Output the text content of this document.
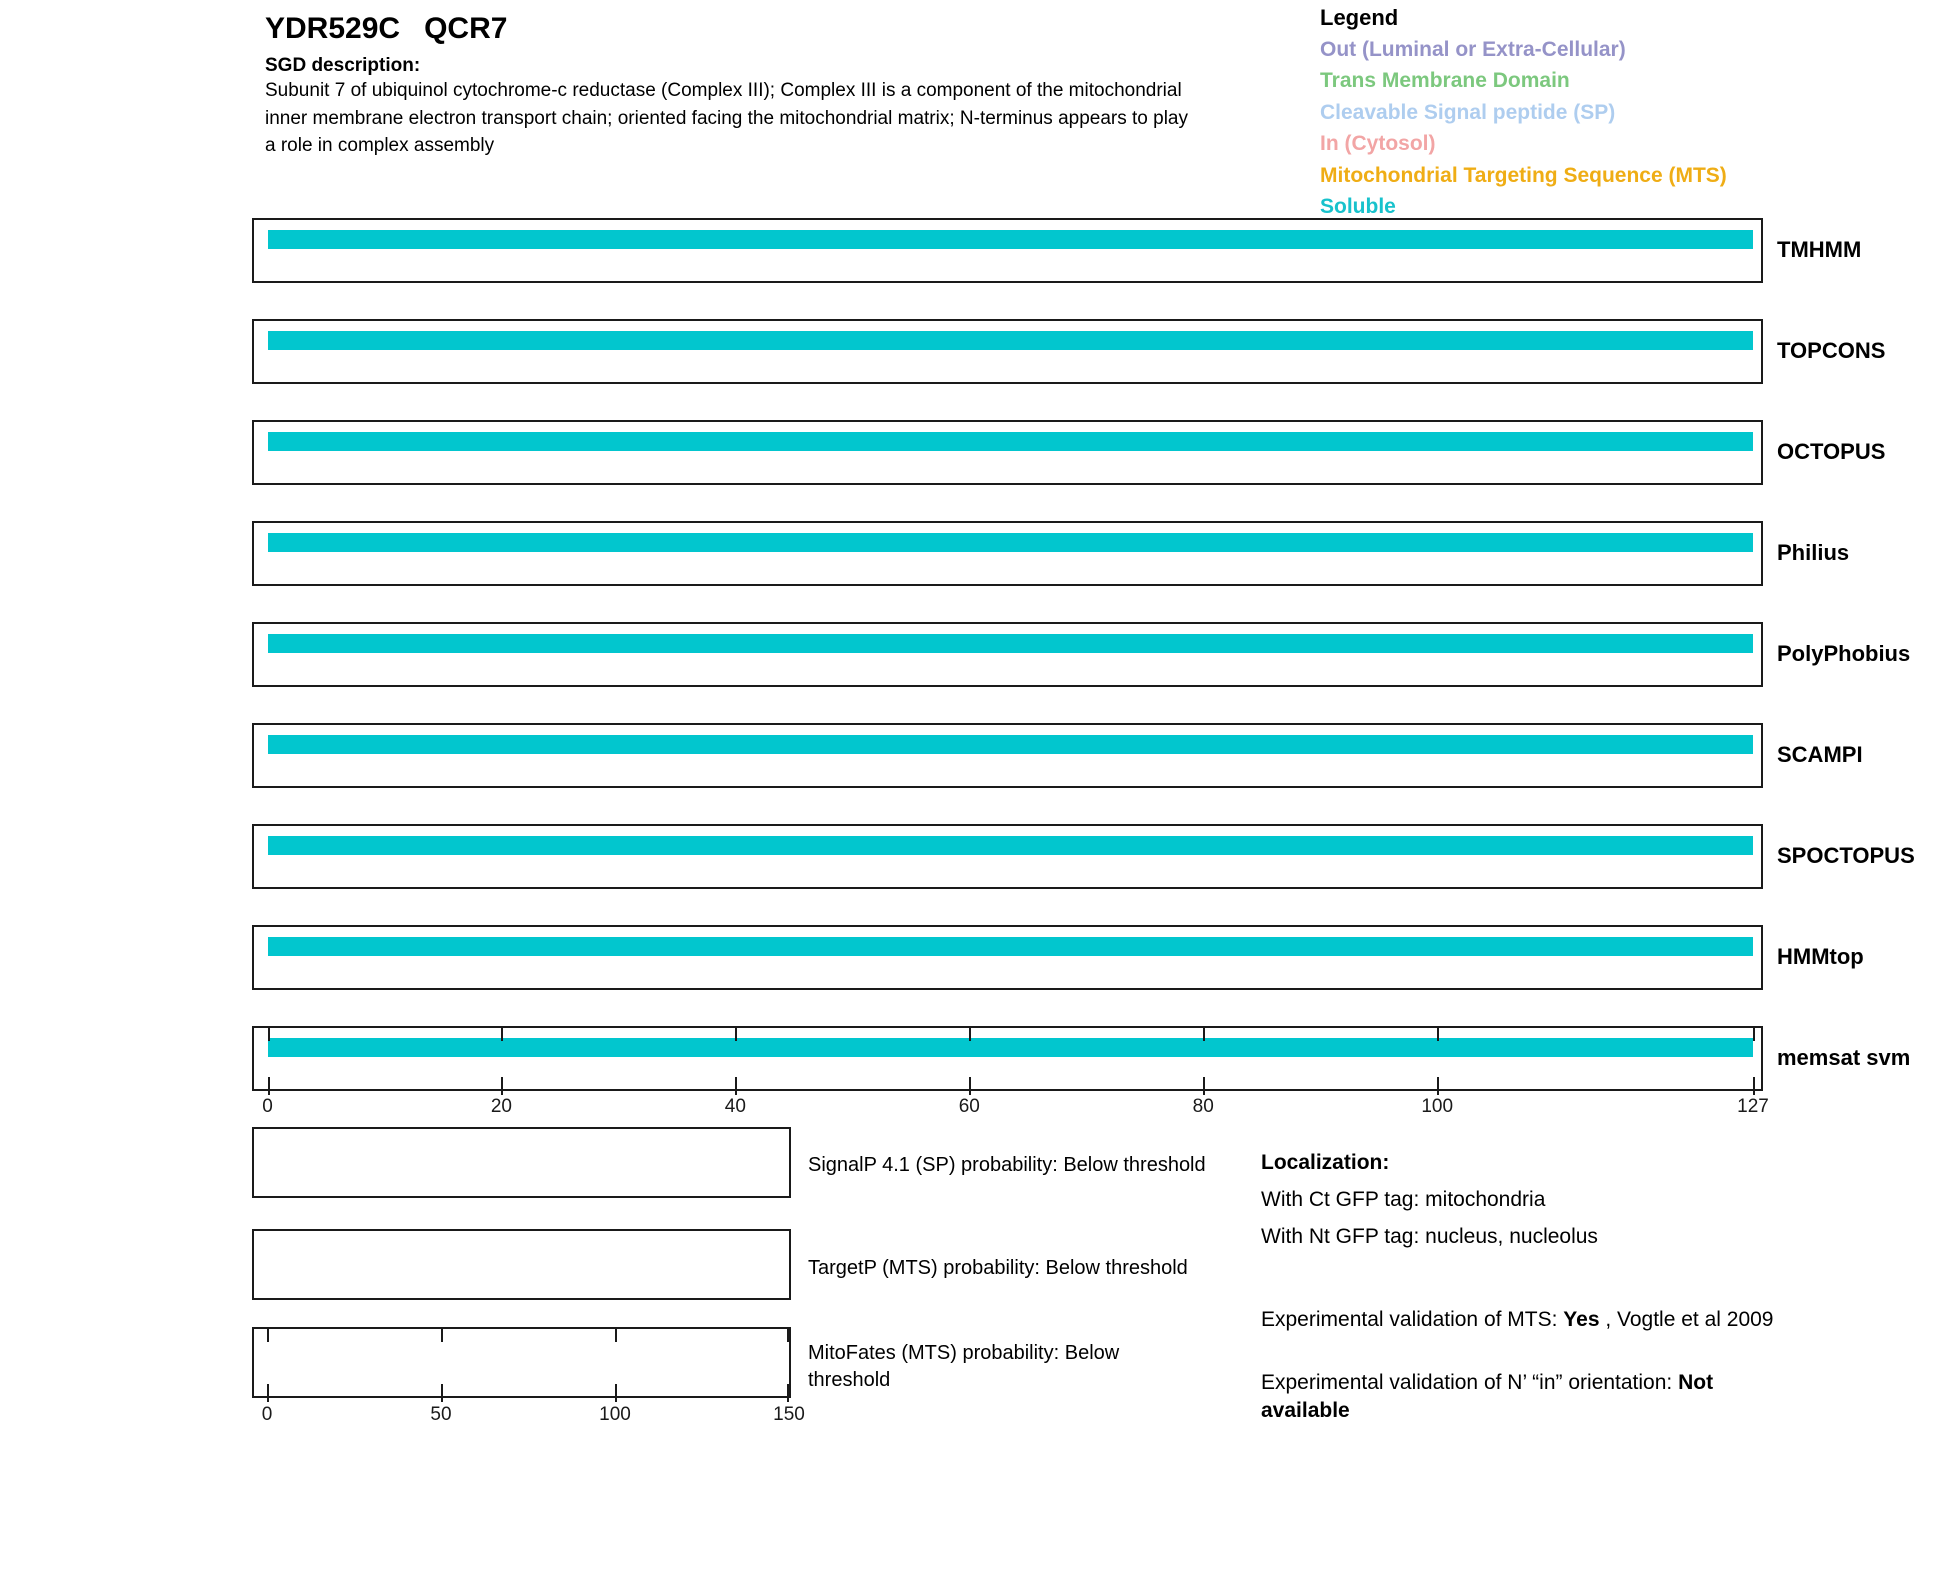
YDR529C QCR7
SGD description:
Subunit 7 of ubiquinol cytochrome-c reductase (Complex III); Complex III is a component of the mitochondrial
inner membrane electron transport chain; oriented facing the mitochondrial matrix; N-terminus appears to play
a role in complex assembly
Legend
Out (Luminal or Extra-Cellular)
Trans Membrane Domain
Cleavable Signal peptide (SP)
In (Cytosol)
Mitochondrial Targeting Sequence (MTS)
Soluble
TMHMM
TOPCONS
OCTOPUS
Philius
PolyPhobius
SCAMPI
SPOCTOPUS
HMMtop
memsat svm
0	20	40	60	80	100	127
SignalP 4.1 (SP) probability: Below threshold
TargetP (MTS) probability: Below threshold
0	50	100	150
MitoFates (MTS) probability: Below
threshold
Localization:
With Ct GFP tag: mitochondria
With Nt GFP tag: nucleus, nucleolus
Experimental validation of MTS: Yes , Vogtle et al 2009
Experimental validation of N’ “in” orientation: Not
available
